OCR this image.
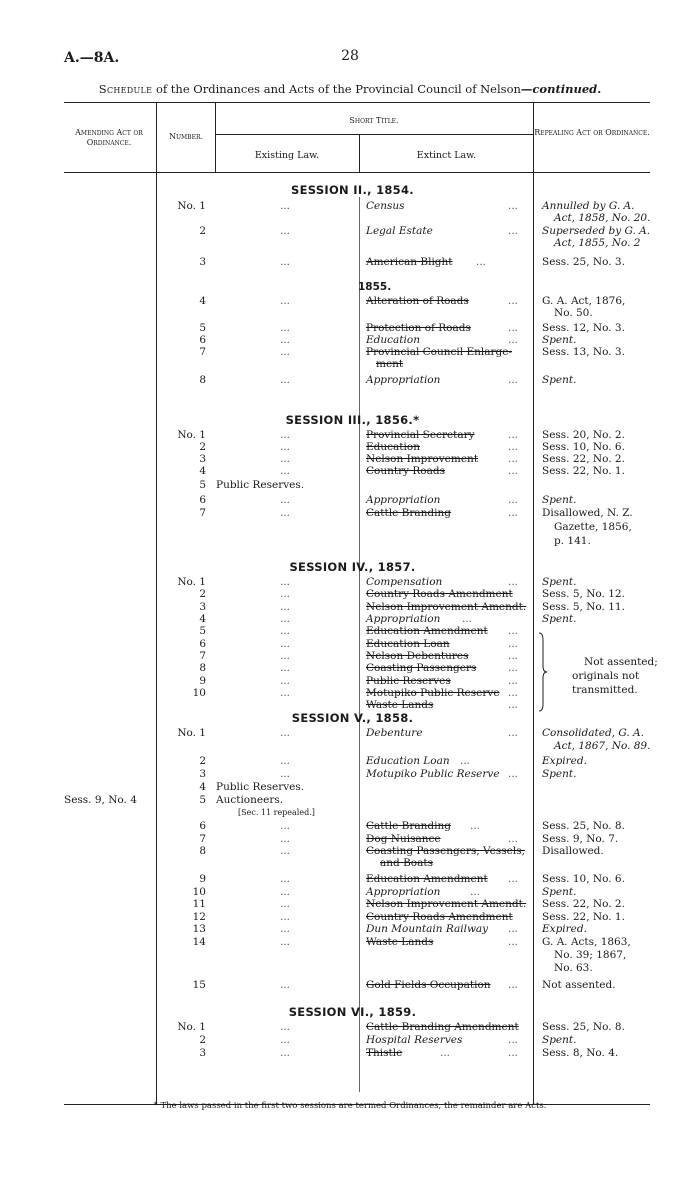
A.—8A.	28
Schedule of the Ordinances and Acts of the Provincial Council of Nelson—continued.
Amending Act or Ordinance.
Number.
Short Title.
Existing Law.	Extinct Law.
Repealing Act or Ordinance.
SESSION II., 1854.
No. 1	...	Census	... Annulled by G. A.
Act, 1858, No. 20.
2	...	Legal Estate	... Superseded by G. A.
Act, 1855, No. 2
3	...	American Blight	...	Sess. 25, No. 3.
1855.
4	...	Alteration of Roads	... G. A. Act, 1876,
No. 50.
5	...	Protection of Roads	... Sess. 12, No. 3.
6	...	Education	... Spent.
7	...	Provincial Council Enlarge-	Sess. 13, No. 3.
ment
8	...	Appropriation	... Spent.
SESSION III., 1856.*
No. 1	...	Provincial Secretary	... Sess. 20, No. 2.
2	...	Education	... Sess. 10, No. 6.
3	...	Nelson Improvement	... Sess. 22, No. 2.
4	...	Country Roads	... Sess. 22, No. 1.
5 Public Reserves.
6	...	Appropriation	... Spent.
7	...	Cattle Branding	... Disallowed, N. Z.
Gazette, 1856,
p. 141.
SESSION IV., 1857.
No. 1	...	Compensation	... Spent.
2	...	Country Roads Amendment	Sess. 5, No. 12.
3	...	Nelson Improvement Amendt.	Sess. 5, No. 11.
4	...	Appropriation	...	Spent.
5	...	Education Amendment	...
6	...	Education Loan	...
7	...	Nelson Debentures	...
8	...	Coasting Passengers	...
9	...	Public Reserves	...
10	...	Motupiko Public Reserve ...
Waste Lands	...
Not assented;
originals not
transmitted.
SESSION V., 1858.
No. 1	...	Debenture	... Consolidated, G. A.
Act, 1867, No. 89.
2	...	Education Loan ...	Expired.
3	...	Motupiko Public Reserve ... Spent.
4 Public Reserves.
Sess. 9, No. 4	5 Auctioneers.
[Sec. 11 repealed.]
6	...	Cattle Branding	...	Sess. 25, No. 8.
7	...	Dog Nuisance	... Sess. 9, No. 7.
8	...	Coasting Passengers, Vessels,	Disallowed.
and Boats
9	...	Education Amendment	... Sess. 10, No. 6.
10	...	Appropriation	...	Spent.
11	...	Nelson Improvement Amendt.	Sess. 22, No. 2.
12	...	Country Roads Amendment	Sess. 22, No. 1.
13	...	Dun Mountain Railway	... Expired.
14	...	Waste Lands	... G. A. Acts, 1863,
No. 39; 1867,
No. 63.
15	...	Gold Fields Occupation	... Not assented.
SESSION VI., 1859.
No. 1	...	Cattle Branding Amendment	Sess. 25, No. 8.
2	...	Hospital Reserves	... Spent.
3	...	Thistle	...	... Sess. 8, No. 4.
* The laws passed in the first two sessions are termed Ordinances, the remainder are Acts.
